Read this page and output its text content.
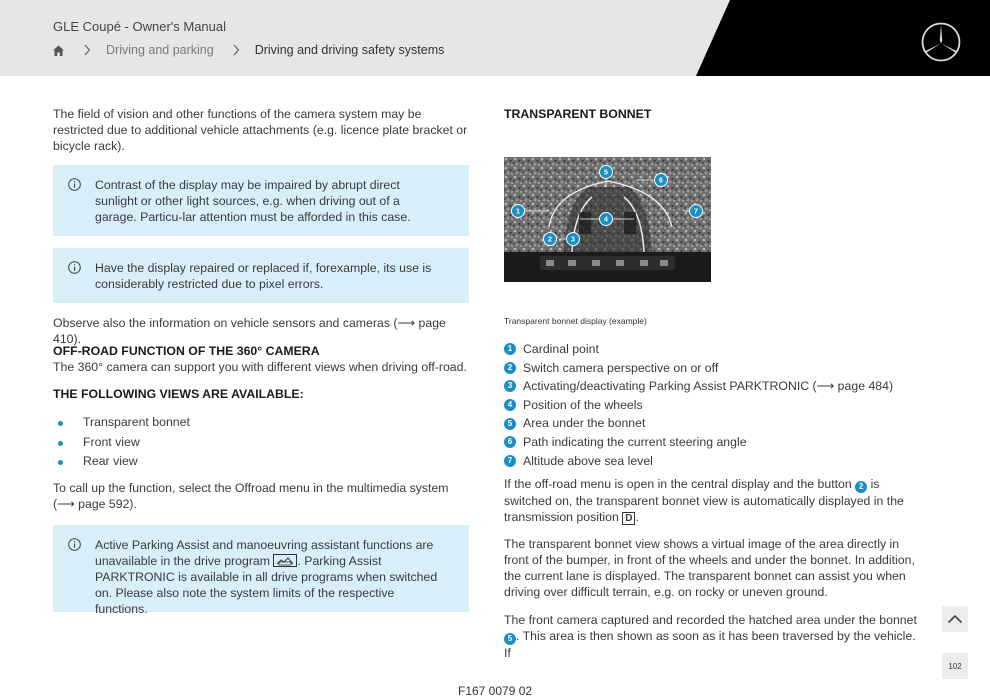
GLE Coupé - Owner's Manual
Driving and parking	Driving and driving safety systems

The field of vision and other functions of the camera system may be restricted due to additional vehicle attachments (e.g. licence plate bracket or bicycle rack).

Contrast of the display may be impaired by abrupt direct sunlight or other light sources, e.g. when driving out of a garage. Particu-lar attention must be afforded in this case.
Have the display repaired or replaced if, forexample, its use is considerably restricted due to pixel errors.

Observe also the information on vehicle sensors and cameras (⟶ page 410).

OFF-ROAD FUNCTION OF THE 360° CAMERA

The 360° camera can support you with different views when driving off-road.

THE FOLLOWING VIEWS ARE AVAILABLE:
Transparent bonnet
Front view
Rear view

To call up the function, select the Offroad menu in the multimedia system (⟶ page 592).

Active Parking Assist and manoeuvring assistant functions are unavailable in the drive program . Parking Assist PARKTRONIC is available in all drive programs when switched on. Please also note the system limits of the respective functions.
TRANSPARENT BONNET
1
2	3
4
5
6
7
Transparent bonnet display (example)
1 Cardinal point
2 Switch camera perspective on or off
3 Activating/deactivating Parking Assist PARKTRONIC (⟶ page 484)
4 Position of the wheels
5 Area under the bonnet
6 Path indicating the current steering angle
7 Altitude above sea level

If the off-road menu is open in the central display and the button 2 is switched on, the transparent bonnet view is automatically displayed in the transmission position D .

The transparent bonnet view shows a virtual image of the area directly in front of the bumper, in front of the wheels and under the bonnet. In addition, the current lane is displayed. The transparent bonnet can assist you when driving over difficult terrain, e.g. on rocky or uneven ground.

The front camera captured and recorded the hatched area under the bonnet 5 . This area is then shown as soon as it has been traversed by the vehicle. If

102
F167 0079 02
